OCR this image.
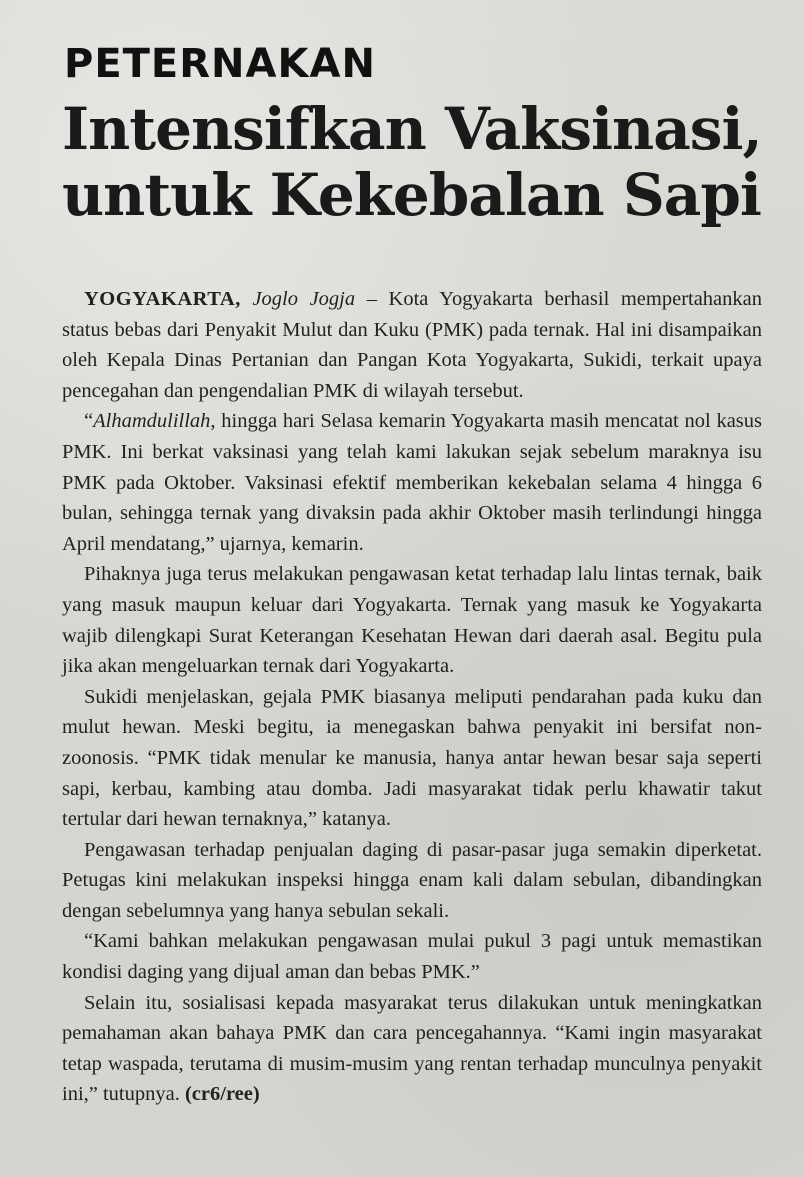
PETERNAKAN
Intensifkan Vaksinasi,
untuk Kekebalan Sapi

YOGYAKARTA, Joglo Jogja – Kota Yogyakarta berhasil mempertahankan status bebas dari Penyakit Mulut dan Kuku (PMK) pada ternak. Hal ini disampaikan oleh Kepala Dinas Pertanian dan Pangan Kota Yogyakarta, Sukidi, terkait upaya pencegahan dan pengendalian PMK di wilayah tersebut.

“Alhamdulillah, hingga hari Selasa kemarin Yogyakarta masih mencatat nol kasus PMK. Ini berkat vaksinasi yang telah kami lakukan sejak sebelum maraknya isu PMK pada Oktober. Vaksinasi efektif memberikan kekebalan selama 4 hingga 6 bulan, sehingga ternak yang divaksin pada akhir Oktober masih terlindungi hingga April mendatang,” ujarnya, kemarin.

Pihaknya juga terus melakukan pengawasan ketat terhadap lalu lintas ternak, baik yang masuk maupun keluar dari Yogyakarta. Ternak yang masuk ke Yogyakarta wajib dilengkapi Surat Keterangan Kesehatan Hewan dari daerah asal. Begitu pula jika akan mengeluarkan ternak dari Yogyakarta.

Sukidi menjelaskan, gejala PMK biasanya meliputi pendarahan pada kuku dan mulut hewan. Meski begitu, ia menegaskan bahwa penyakit ini bersifat non-zoonosis. “PMK tidak menular ke manusia, hanya antar hewan besar saja seperti sapi, kerbau, kambing atau domba. Jadi masyarakat tidak perlu khawatir takut tertular dari hewan ternaknya,” katanya.

Pengawasan terhadap penjualan daging di pasar-pasar juga semakin diperketat. Petugas kini melakukan inspeksi hingga enam kali dalam sebulan, dibandingkan dengan sebelumnya yang hanya sebulan sekali.

“Kami bahkan melakukan pengawasan mulai pukul 3 pagi untuk memastikan kondisi daging yang dijual aman dan bebas PMK.”

Selain itu, sosialisasi kepada masyarakat terus dilakukan untuk meningkatkan pemahaman akan bahaya PMK dan cara pencegahannya. “Kami ingin masyarakat tetap waspada, terutama di musim-musim yang rentan terhadap munculnya penyakit ini,” tutupnya. (cr6/ree)
